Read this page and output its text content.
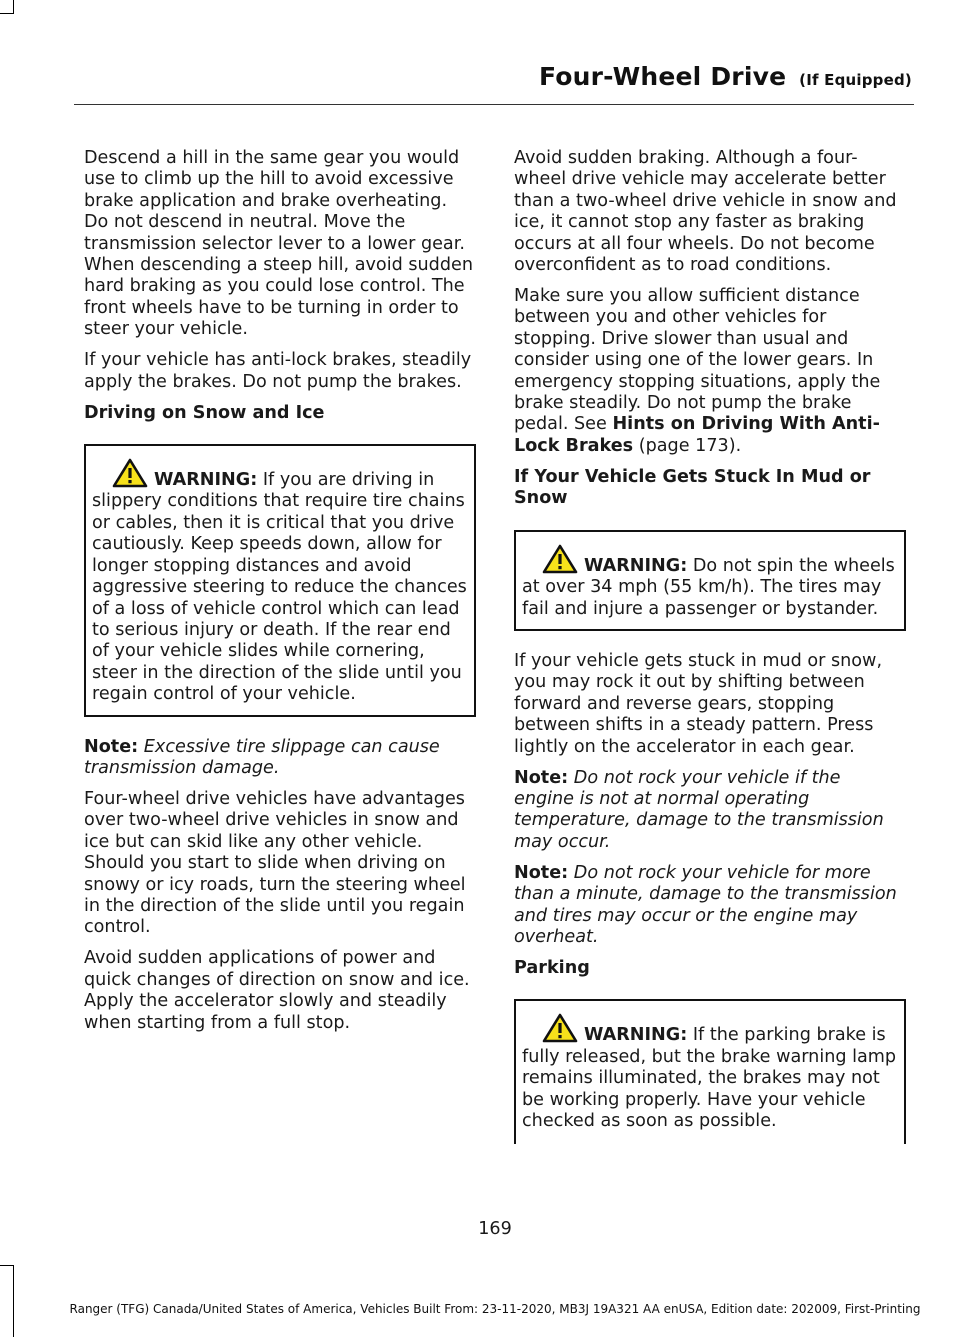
Four-Wheel Drive (If Equipped)

Descend a hill in the same gear you would use to climb up the hill to avoid excessive brake application and brake overheating. Do not descend in neutral. Move the transmission selector lever to a lower gear. When descending a steep hill, avoid sudden hard braking as you could lose control. The front wheels have to be turning in order to steer your vehicle.

If your vehicle has anti-lock brakes, steadily apply the brakes. Do not pump the brakes.

Driving on Snow and Ice
WARNING: If you are driving in slippery conditions that require tire chains or cables, then it is critical that you drive cautiously. Keep speeds down, allow for longer stopping distances and avoid aggressive steering to reduce the chances of a loss of vehicle control which can lead to serious injury or death. If the rear end of your vehicle slides while cornering, steer in the direction of the slide until you regain control of your vehicle.

Note: Excessive tire slippage can cause transmission damage.

Four-wheel drive vehicles have advantages over two-wheel drive vehicles in snow and ice but can skid like any other vehicle. Should you start to slide when driving on snowy or icy roads, turn the steering wheel in the direction of the slide until you regain control.

Avoid sudden applications of power and quick changes of direction on snow and ice. Apply the accelerator slowly and steadily when starting from a full stop.

Avoid sudden braking. Although a four-wheel drive vehicle may accelerate better than a two-wheel drive vehicle in snow and ice, it cannot stop any faster as braking occurs at all four wheels. Do not become overconfident as to road conditions.

Make sure you allow sufficient distance between you and other vehicles for stopping. Drive slower than usual and consider using one of the lower gears. In emergency stopping situations, apply the brake steadily. Do not pump the brake pedal. See Hints on Driving With Anti-Lock Brakes (page 173).

If Your Vehicle Gets Stuck In Mud or Snow
WARNING: Do not spin the wheels at over 34 mph (55 km/h). The tires may fail and injure a passenger or bystander.

If your vehicle gets stuck in mud or snow, you may rock it out by shifting between forward and reverse gears, stopping between shifts in a steady pattern. Press lightly on the accelerator in each gear.

Note: Do not rock your vehicle if the engine is not at normal operating temperature, damage to the transmission may occur.

Note: Do not rock your vehicle for more than a minute, damage to the transmission and tires may occur or the engine may overheat.

Parking
WARNING: If the parking brake is fully released, but the brake warning lamp remains illuminated, the brakes may not be working properly. Have your vehicle checked as soon as possible.
169
Ranger (TFG) Canada/United States of America, Vehicles Built From: 23-11-2020, MB3J 19A321 AA enUSA, Edition date: 202009, First-Printing
